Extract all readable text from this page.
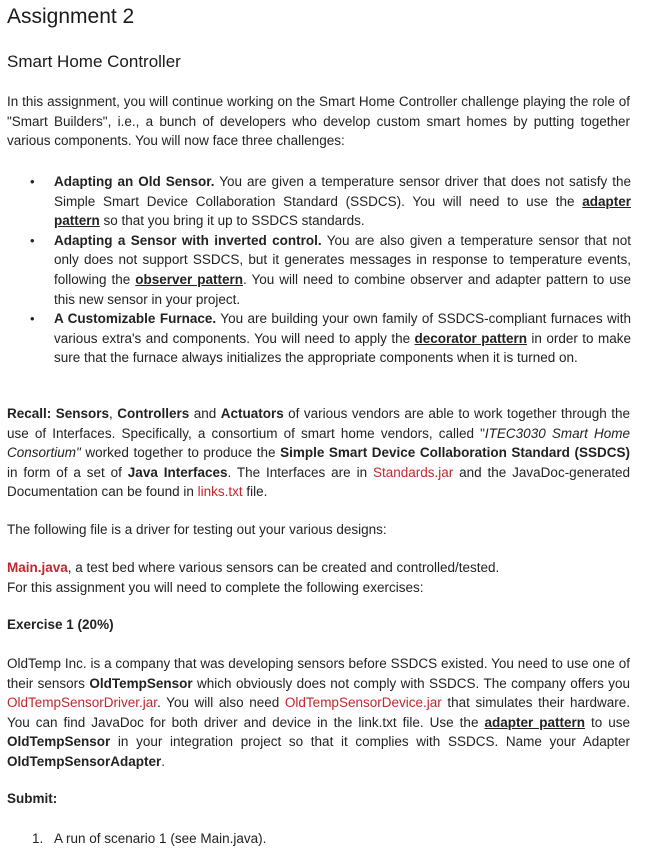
Assignment 2
Smart Home Controller

In this assignment, you will continue working on the Smart Home Controller challenge playing the role of "Smart Builders", i.e., a bunch of developers who develop custom smart homes by putting together various components. You will now face three challenges:

• Adapting an Old Sensor. You are given a temperature sensor driver that does not satisfy the Simple Smart Device Collaboration Standard (SSDCS). You will need to use the adapter pattern so that you bring it up to SSDCS standards.
• Adapting a Sensor with inverted control. You are also given a temperature sensor that not only does not support SSDCS, but it generates messages in response to temperature events, following the observer pattern. You will need to combine observer and adapter pattern to use this new sensor in your project.
• A Customizable Furnace. You are building your own family of SSDCS-compliant furnaces with various extra's and components. You will need to apply the decorator pattern in order to make sure that the furnace always initializes the appropriate components when it is turned on.

Recall: Sensors, Controllers and Actuators of various vendors are able to work together through the use of Interfaces. Specifically, a consortium of smart home vendors, called "ITEC3030 Smart Home Consortium" worked together to produce the Simple Smart Device Collaboration Standard (SSDCS) in form of a set of Java Interfaces. The Interfaces are in Standards.jar and the JavaDoc-generated Documentation can be found in links.txt file.

The following file is a driver for testing out your various designs:

Main.java, a test bed where various sensors can be created and controlled/tested.
For this assignment you will need to complete the following exercises:
Exercise 1 (20%)

OldTemp Inc. is a company that was developing sensors before SSDCS existed. You need to use one of their sensors OldTempSensor which obviously does not comply with SSDCS. The company offers you OldTempSensorDriver.jar. You will also need OldTempSensorDevice.jar that simulates their hardware. You can find JavaDoc for both driver and device in the link.txt file. Use the adapter pattern to use OldTempSensor in your integration project so that it complies with SSDCS. Name your Adapter OldTempSensorAdapter.

Submit:
1. A run of scenario 1 (see Main.java).
